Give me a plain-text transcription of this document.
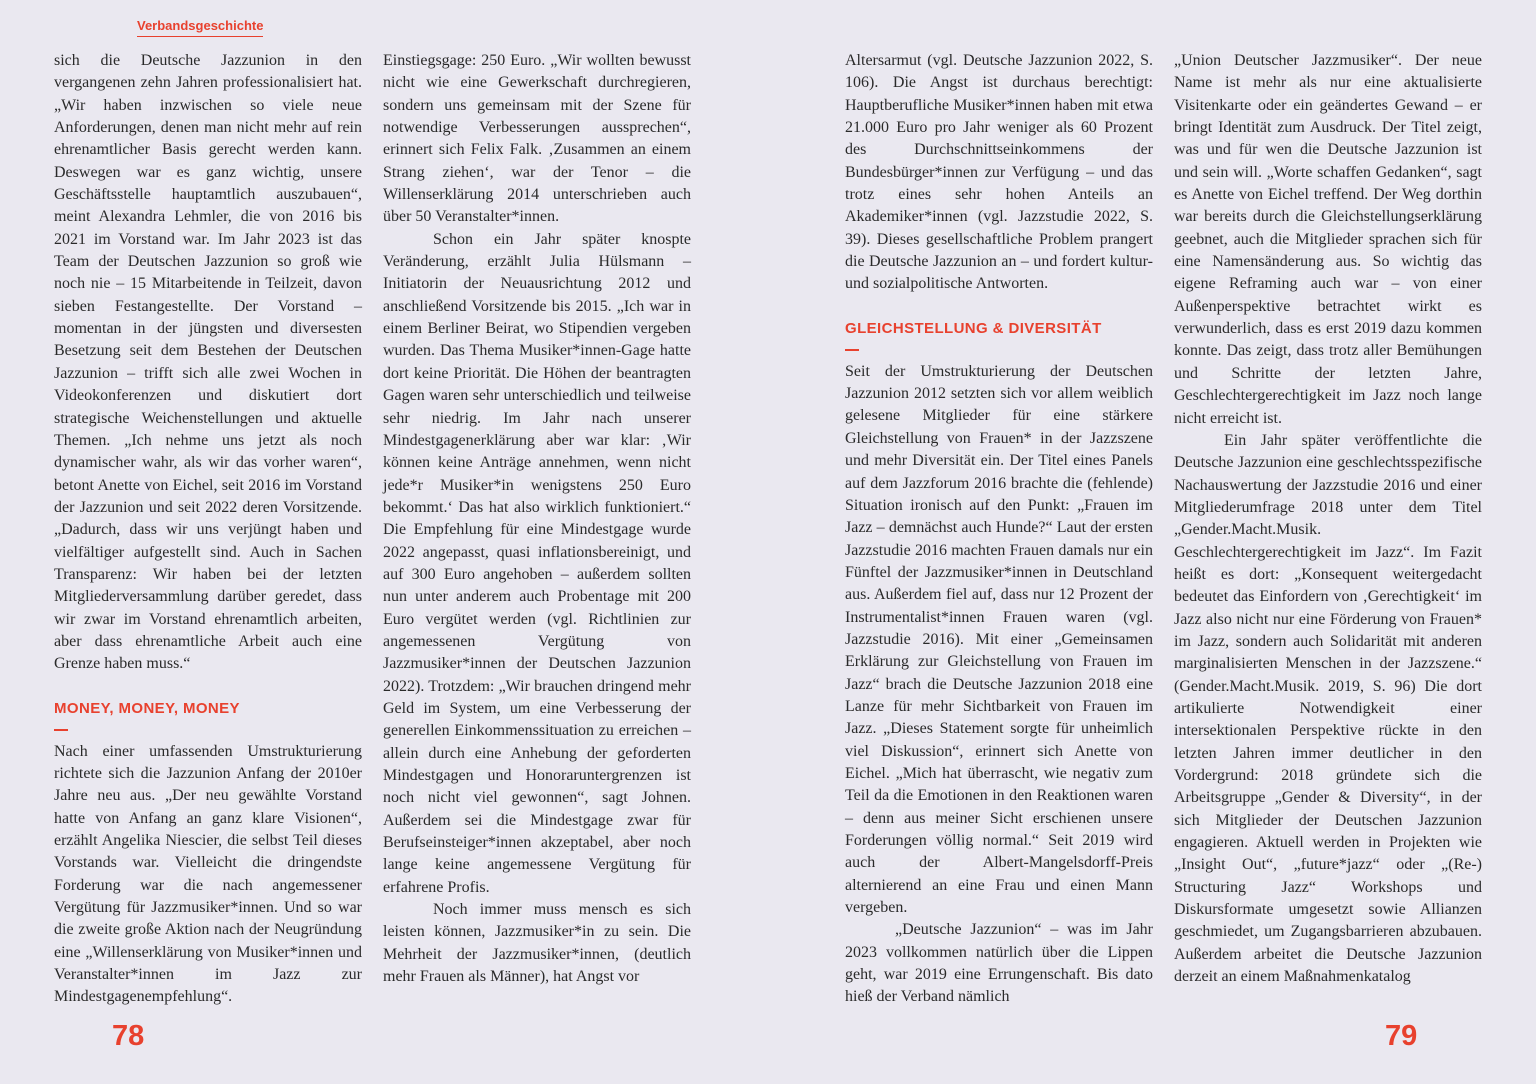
Verbandsgeschichte

sich die Deutsche Jazzunion in den vergangenen zehn Jahren professionalisiert hat. „Wir haben inzwischen so viele neue Anforderungen, denen man nicht mehr auf rein ehrenamtlicher Basis gerecht werden kann. Deswegen war es ganz wichtig, unsere Geschäftsstelle hauptamtlich auszubauen“, meint Alexandra Lehmler, die von 2016 bis 2021 im Vorstand war. Im Jahr 2023 ist das Team der Deutschen Jazzunion so groß wie noch nie – 15 Mitarbeitende in Teilzeit, davon sieben Festangestellte. Der Vorstand – momentan in der jüngsten und diversesten Besetzung seit dem Bestehen der Deutschen Jazzunion – trifft sich alle zwei Wochen in Videokonferenzen und diskutiert dort strategische Weichenstellungen und aktuelle Themen. „Ich nehme uns jetzt als noch dynamischer wahr, als wir das vorher waren“, betont Anette von Eichel, seit 2016 im Vorstand der Jazzunion und seit 2022 deren Vorsitzende. „Dadurch, dass wir uns verjüngt haben und vielfältiger aufgestellt sind. Auch in Sachen Transparenz: Wir haben bei der letzten Mitgliederversammlung darüber geredet, dass wir zwar im Vorstand ehrenamtlich arbeiten, aber dass ehrenamtliche Arbeit auch eine Grenze haben muss.“

MONEY, MONEY, MONEY

Nach einer umfassenden Umstrukturierung richtete sich die Jazzunion Anfang der 2010er Jahre neu aus. „Der neu gewählte Vorstand hatte von Anfang an ganz klare Visionen“, erzählt Angelika Niescier, die selbst Teil dieses Vorstands war. Vielleicht die dringendste Forderung war die nach angemessener Vergütung für Jazzmusiker*innen. Und so war die zweite große Aktion nach der Neugründung eine „Willenserklärung von Musiker*innen und Veranstalter*innen im Jazz zur Mindestgagenempfehlung“.

Einstiegsgage: 250 Euro. „Wir wollten bewusst nicht wie eine Gewerkschaft durchregieren, sondern uns gemeinsam mit der Szene für notwendige Verbesserungen aussprechen“, erinnert sich Felix Falk. ‚Zusammen an einem Strang ziehen‘, war der Tenor – die Willenserklärung 2014 unterschrieben auch über 50 Veranstalter*innen.

Schon ein Jahr später knospte Veränderung, erzählt Julia Hülsmann – Initiatorin der Neuausrichtung 2012 und anschließend Vorsitzende bis 2015. „Ich war in einem Berliner Beirat, wo Stipendien vergeben wurden. Das Thema Musiker*innen-Gage hatte dort keine Priorität. Die Höhen der beantragten Gagen waren sehr unterschiedlich und teilweise sehr niedrig. Im Jahr nach unserer Mindestgagenerklärung aber war klar: ‚Wir können keine Anträge annehmen, wenn nicht jede*r Musiker*in wenigstens 250 Euro bekommt.‘ Das hat also wirklich funktioniert.“ Die Empfehlung für eine Mindestgage wurde 2022 angepasst, quasi inflationsbereinigt, und auf 300 Euro angehoben – außerdem sollten nun unter anderem auch Probentage mit 200 Euro vergütet werden (vgl. Richtlinien zur angemessenen Vergütung von Jazzmusiker*innen der Deutschen Jazzunion 2022). Trotzdem: „Wir brauchen dringend mehr Geld im System, um eine Verbesserung der generellen Einkommenssituation zu erreichen – allein durch eine Anhebung der geforderten Mindestgagen und Honoraruntergrenzen ist noch nicht viel gewonnen“, sagt Johnen. Außerdem sei die Mindestgage zwar für Berufseinsteiger*innen akzeptabel, aber noch lange keine angemessene Vergütung für erfahrene Profis.

Noch immer muss mensch es sich leisten können, Jazzmusiker*in zu sein. Die Mehrheit der Jazzmusiker*innen, (deutlich mehr Frauen als Männer), hat Angst vor

78

Altersarmut (vgl. Deutsche Jazzunion 2022, S. 106). Die Angst ist durchaus berechtigt: Hauptberufliche Musiker*innen haben mit etwa 21.000 Euro pro Jahr weniger als 60 Prozent des Durchschnittseinkommens der Bundesbürger*innen zur Verfügung – und das trotz eines sehr hohen Anteils an Akademiker*innen (vgl. Jazzstudie 2022, S. 39). Dieses gesellschaftliche Problem prangert die Deutsche Jazzunion an – und fordert kultur- und sozialpolitische Antworten.

GLEICHSTELLUNG & DIVERSITÄT

Seit der Umstrukturierung der Deutschen Jazzunion 2012 setzten sich vor allem weiblich gelesene Mitglieder für eine stärkere Gleichstellung von Frauen* in der Jazzszene und mehr Diversität ein. Der Titel eines Panels auf dem Jazzforum 2016 brachte die (fehlende) Situation ironisch auf den Punkt: „Frauen im Jazz – demnächst auch Hunde?“ Laut der ersten Jazzstudie 2016 machten Frauen damals nur ein Fünftel der Jazzmusiker*innen in Deutschland aus. Außerdem fiel auf, dass nur 12 Prozent der Instrumentalist*innen Frauen waren (vgl. Jazzstudie 2016). Mit einer „Gemeinsamen Erklärung zur Gleichstellung von Frauen im Jazz“ brach die Deutsche Jazzunion 2018 eine Lanze für mehr Sichtbarkeit von Frauen im Jazz. „Dieses Statement sorgte für unheimlich viel Diskussion“, erinnert sich Anette von Eichel. „Mich hat überrascht, wie negativ zum Teil da die Emotionen in den Reaktionen waren – denn aus meiner Sicht erschienen unsere Forderungen völlig normal.“ Seit 2019 wird auch der Albert-Mangelsdorff-Preis alternierend an eine Frau und einen Mann vergeben.

„Deutsche Jazzunion“ – was im Jahr 2023 vollkommen natürlich über die Lippen geht, war 2019 eine Errungenschaft. Bis dato hieß der Verband nämlich

„Union Deutscher Jazzmusiker“. Der neue Name ist mehr als nur eine aktualisierte Visitenkarte oder ein geändertes Gewand – er bringt Identität zum Ausdruck. Der Titel zeigt, was und für wen die Deutsche Jazzunion ist und sein will. „Worte schaffen Gedanken“, sagt es Anette von Eichel treffend. Der Weg dorthin war bereits durch die Gleichstellungserklärung geebnet, auch die Mitglieder sprachen sich für eine Namensänderung aus. So wichtig das eigene Reframing auch war – von einer Außenperspektive betrachtet wirkt es verwunderlich, dass es erst 2019 dazu kommen konnte. Das zeigt, dass trotz aller Bemühungen und Schritte der letzten Jahre, Geschlechtergerechtigkeit im Jazz noch lange nicht erreicht ist.

Ein Jahr später veröffentlichte die Deutsche Jazzunion eine geschlechtsspezifische Nachauswertung der Jazzstudie 2016 und einer Mitgliederumfrage 2018 unter dem Titel „Gender.Macht.Musik. Geschlechtergerechtigkeit im Jazz“. Im Fazit heißt es dort: „Konsequent weitergedacht bedeutet das Einfordern von ‚Gerechtigkeit‘ im Jazz also nicht nur eine Förderung von Frauen* im Jazz, sondern auch Solidarität mit anderen marginalisierten Menschen in der Jazzszene.“ (Gender.Macht.Musik. 2019, S. 96) Die dort artikulierte Notwendigkeit einer intersektionalen Perspektive rückte in den letzten Jahren immer deutlicher in den Vordergrund: 2018 gründete sich die Arbeitsgruppe „Gender & Diversity“, in der sich Mitglieder der Deutschen Jazzunion engagieren. Aktuell werden in Projekten wie „Insight Out“, „future*jazz“ oder „(Re-) Structuring Jazz“ Workshops und Diskursformate umgesetzt sowie Allianzen geschmiedet, um Zugangsbarrieren abzubauen. Außerdem arbeitet die Deutsche Jazzunion derzeit an einem Maßnahmenkatalog

79
